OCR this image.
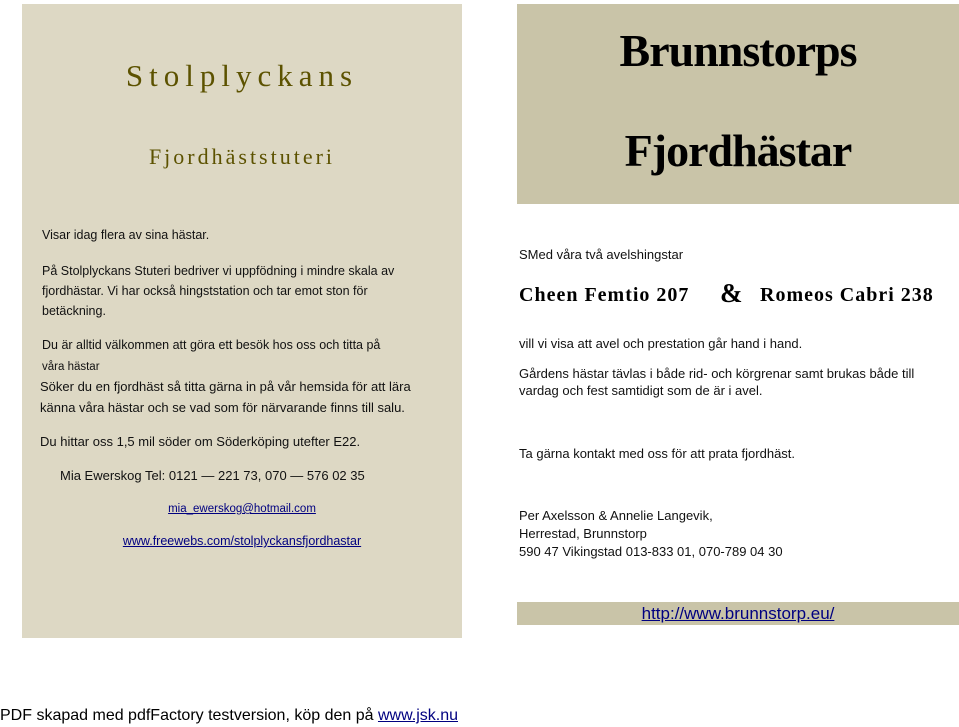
Stolplyckans
Fjordhäststuteri
Visar idag flera av sina hästar.
På Stolplyckans Stuteri bedriver vi uppfödning i mindre skala av
fjordhästar. Vi har också hingststation och tar emot ston för
betäckning.
Du är alltid välkommen att göra ett besök hos oss och titta på
våra hästar
Söker du en fjordhäst så titta gärna in på vår hemsida för att lära
känna våra hästar och se vad som för närvarande finns till salu.
Du hittar oss 1,5 mil söder om Söderköping utefter E22.
Mia Ewerskog Tel: 0121 — 221 73, 070 — 576 02 35
mia_ewerskog@hotmail.com
www.freewebs.com/stolplyckansfjordhastar
Brunnstorps
Fjordhästar
SMed våra två avelshingstar
Cheen Femtio 207 & Romeos Cabri 238
vill vi visa att avel och prestation går hand i hand.
Gårdens hästar tävlas i både rid- och körgrenar samt brukas både till
vardag och fest samtidigt som de är i avel.
Ta gärna kontakt med oss för att prata fjordhäst.
Per Axelsson & Annelie Langevik,
Herrestad, Brunnstorp
590 47 Vikingstad 013-833 01, 070-789 04 30
http://www.brunnstorp.eu/
PDF skapad med pdfFactory testversion, köp den på www.jsk.nu
